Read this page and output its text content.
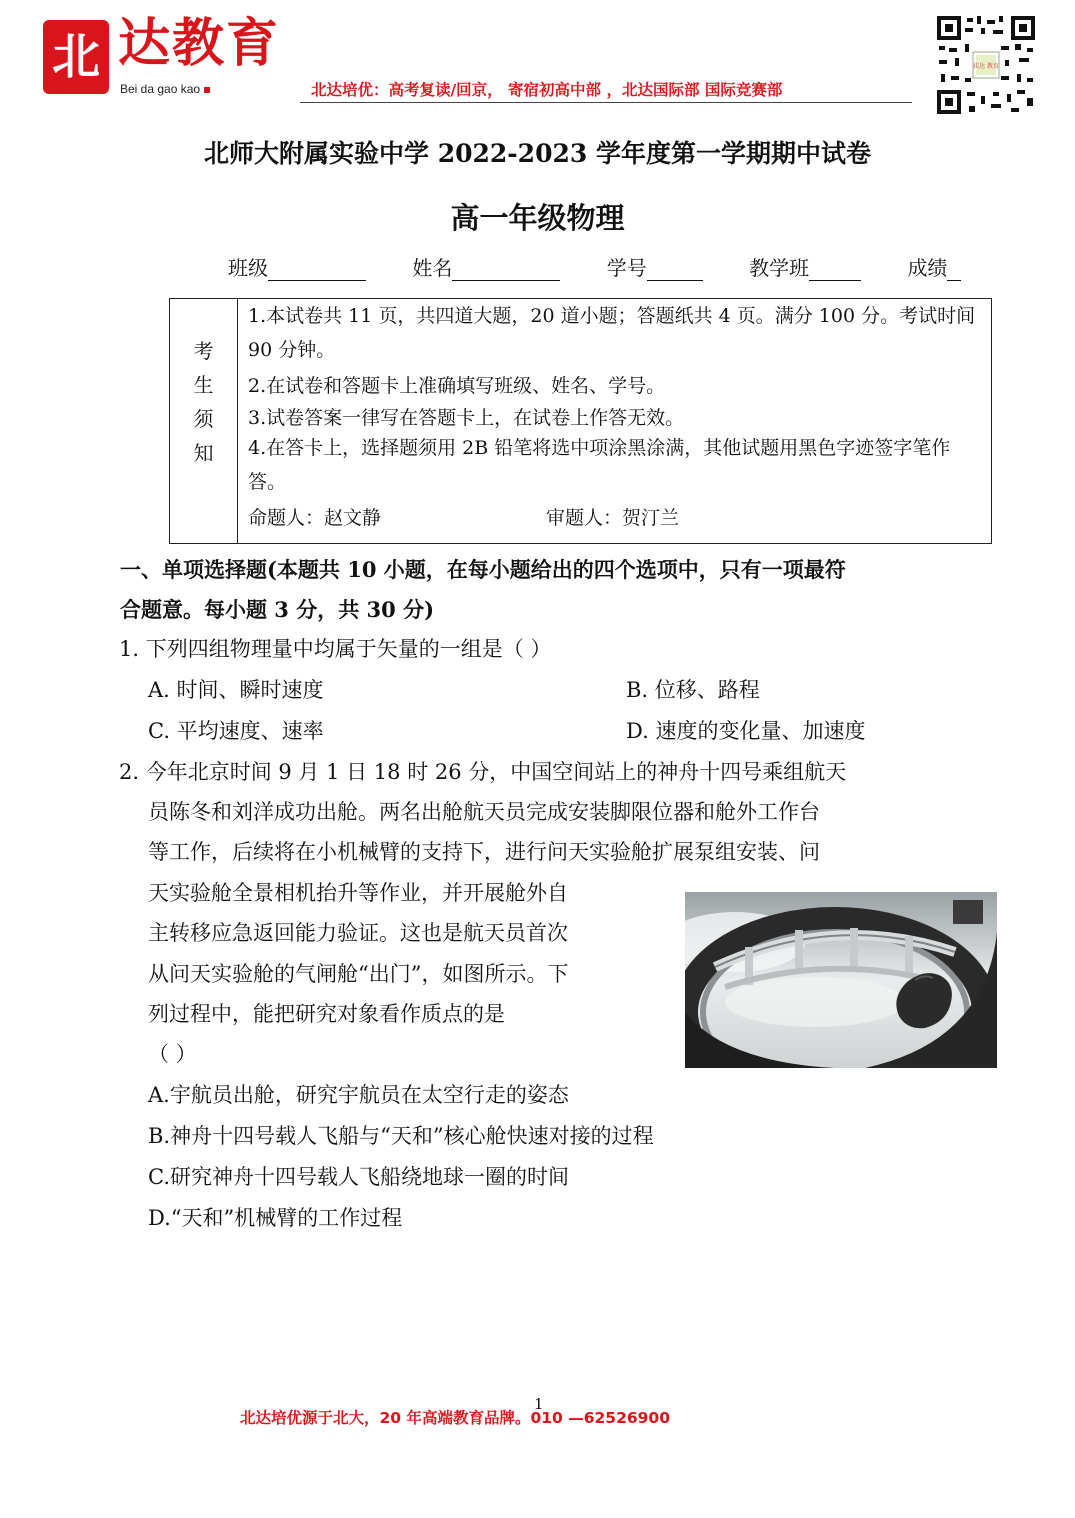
北 达教育
Bei da gao kao	北达培优：高考复读/回京， 寄宿初高中部 ，北达国际部 国际竞赛部
扶达 教育
北师大附属实验中学 2022-2023 学年度第一学期期中试卷
高一年级物理
班级	姓名	学号	教学班	成绩
考
生
须
知

1.本试卷共 11 页，共四道大题，20 道小题；答题纸共 4 页。满分 100 分。考试时间 90 分钟。

2.在试卷和答题卡上准确填写班级、姓名、学号。

3.试卷答案一律写在答题卡上，在试卷上作答无效。

4.在答卡上，选择题须用 2B 铅笔将选中项涂黑涂满，其他试题用黑色字迹签字笔作答。

命题人：赵文静	审题人：贺汀兰

一、单项选择题(本题共 10 小题，在每小题给出的四个选项中，只有一项最符
合题意。每小题 3 分，共 30 分)
1. 下列四组物理量中均属于矢量的一组是（ ）
A. 时间、瞬时速度	B. 位移、路程
C. 平均速度、速率	D. 速度的变化量、加速度
2. 今年北京时间 9 月 1 日 18 时 26 分，中国空间站上的神舟十四号乘组航天
员陈冬和刘洋成功出舱。两名出舱航天员完成安装脚限位器和舱外工作台
等工作，后续将在小机械臂的支持下，进行问天实验舱扩展泵组安装、问
天实验舱全景相机抬升等作业，并开展舱外自
主转移应急返回能力验证。这也是航天员首次
从问天实验舱的气闸舱“出门”，如图所示。下
列过程中，能把研究对象看作质点的是
（ ）
A.宇航员出舱，研究宇航员在太空行走的姿态
B.神舟十四号载人飞船与“天和”核心舱快速对接的过程
C.研究神舟十四号载人飞船绕地球一圈的时间
D.“天和”机械臂的工作过程
1
北达培优源于北大，20 年高端教育品牌。010 —62526900
